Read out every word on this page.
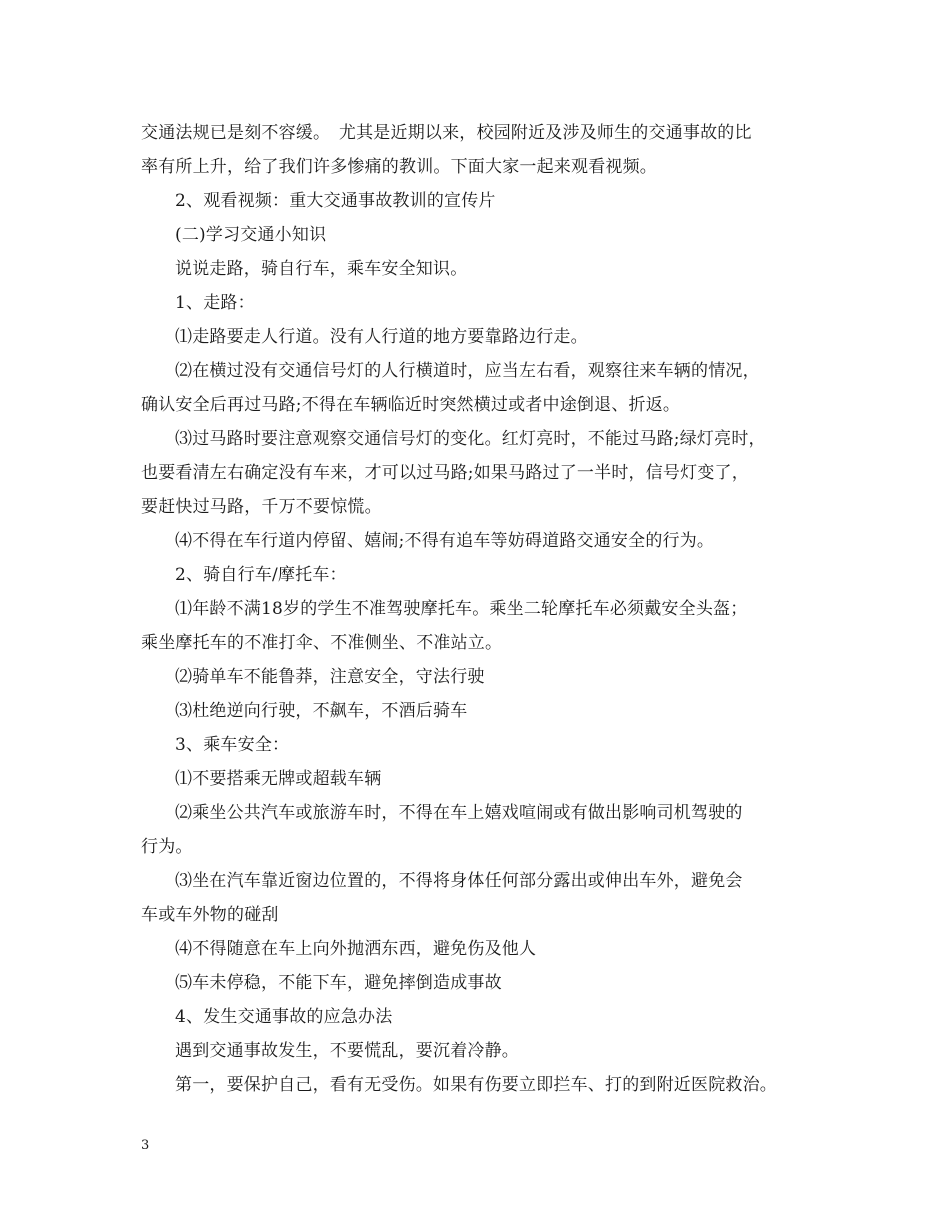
交通法规已是刻不容缓。　尤其是近期以来，校园附近及涉及师生的交通事故的比

率有所上升，给了我们许多惨痛的教训。下面大家一起来观看视频。

2、观看视频：重大交通事故教训的宣传片

(二)学习交通小知识

说说走路，骑自行车，乘车安全知识。

1、走路：

⑴走路要走人行道。没有人行道的地方要靠路边行走。

⑵在横过没有交通信号灯的人行横道时，应当左右看，观察往来车辆的情况，

确认安全后再过马路;不得在车辆临近时突然横过或者中途倒退、折返。

⑶过马路时要注意观察交通信号灯的变化。红灯亮时，不能过马路;绿灯亮时，

也要看清左右确定没有车来，才可以过马路;如果马路过了一半时，信号灯变了，

要赶快过马路，千万不要惊慌。

⑷不得在车行道内停留、嬉闹;不得有追车等妨碍道路交通安全的行为。

2、骑自行车/摩托车：

⑴年龄不满18岁的学生不准驾驶摩托车。乘坐二轮摩托车必须戴安全头盔；

乘坐摩托车的不准打伞、不准侧坐、不准站立。

⑵骑单车不能鲁莽，注意安全，守法行驶

⑶杜绝逆向行驶，不飙车，不酒后骑车

3、乘车安全：

⑴不要搭乘无牌或超载车辆

⑵乘坐公共汽车或旅游车时，不得在车上嬉戏喧闹或有做出影响司机驾驶的

行为。

⑶坐在汽车靠近窗边位置的，不得将身体任何部分露出或伸出车外，避免会

车或车外物的碰刮

⑷不得随意在车上向外抛洒东西，避免伤及他人

⑸车未停稳，不能下车，避免摔倒造成事故

4、发生交通事故的应急办法

遇到交通事故发生，不要慌乱，要沉着冷静。

第一，要保护自己，看有无受伤。如果有伤要立即拦车、打的到附近医院救治。

3
